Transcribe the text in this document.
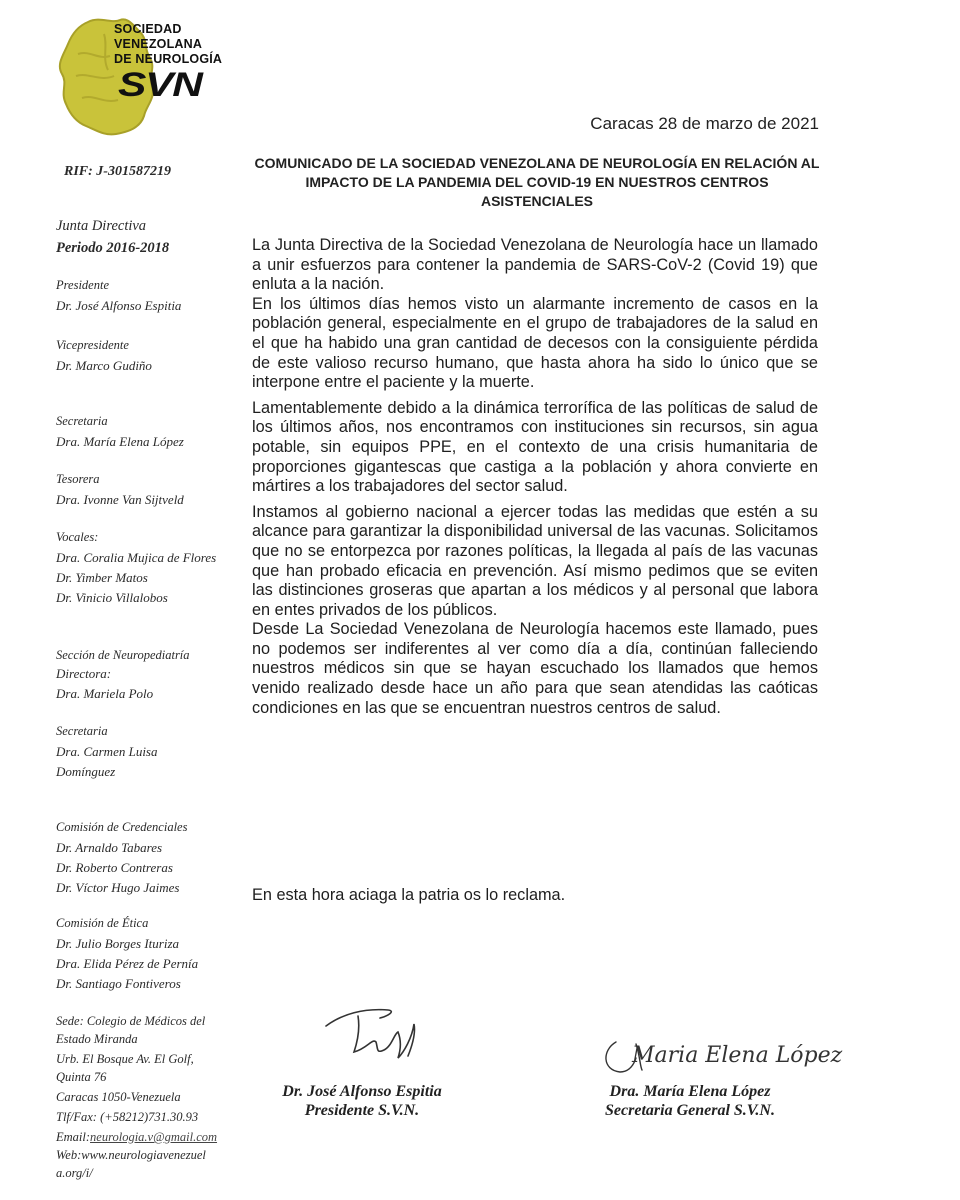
SOCIEDAD
VENEZOLANA
DE NEUROLOGÍA
SVN
RIF: J-301587219
Junta Directiva
Periodo 2016-2018
Presidente
Dr. José Alfonso Espitia
Vicepresidente
Dr. Marco Gudiño
Secretaria
Dra. María Elena López
Tesorera
Dra. Ivonne Van Sijtveld
Vocales:
Dra. Coralia Mujica de Flores
Dr. Yimber Matos
Dr. Vinicio Villalobos
Sección de Neuropediatría
Directora:
Dra. Mariela Polo
Secretaria
Dra. Carmen Luisa
Domínguez
Comisión de Credenciales
Dr. Arnaldo Tabares
Dr. Roberto Contreras
Dr. Víctor Hugo Jaimes
Comisión de Ética
Dr. Julio Borges Ituriza
Dra. Elida Pérez de Pernía
Dr. Santiago Fontiveros
Sede: Colegio de Médicos del
Estado Miranda
Urb. El Bosque Av. El Golf,
Quinta 76
Caracas 1050-Venezuela
Tlf/Fax: (+58212)731.30.93
Email:neurologia.v@gmail.com
Web:www.neurologiavenezuel
a.org/i/
Caracas 28 de marzo de 2021
COMUNICADO DE LA SOCIEDAD VENEZOLANA DE NEUROLOGÍA EN RELACIÓN AL IMPACTO DE LA PANDEMIA DEL COVID-19 EN NUESTROS CENTROS ASISTENCIALES

La Junta Directiva de la Sociedad Venezolana de Neurología hace un llamado a unir esfuerzos para contener la pandemia de SARS-CoV-2 (Covid 19) que enluta a la nación.

En los últimos días hemos visto un alarmante incremento de casos en la población general, especialmente en el grupo de trabajadores de la salud en el que ha habido una gran cantidad de decesos con la consiguiente pérdida de este valioso recurso humano, que hasta ahora ha sido lo único que se interpone entre el paciente y la muerte.

Lamentablemente debido a la dinámica terrorífica de las políticas de salud de los últimos años, nos encontramos con instituciones sin recursos, sin agua potable, sin equipos PPE, en el contexto de una crisis humanitaria de proporciones gigantescas que castiga a la población y ahora convierte en mártires a los trabajadores del sector salud.

Instamos al gobierno nacional a ejercer todas las medidas que estén a su alcance para garantizar la disponibilidad universal de las vacunas. Solicitamos que no se entorpezca por razones políticas, la llegada al país de las vacunas que han probado eficacia en prevención. Así mismo pedimos que se eviten las distinciones groseras que apartan a los médicos y al personal que labora en entes privados de los públicos.

Desde La Sociedad Venezolana de Neurología hacemos este llamado, pues no podemos ser indiferentes al ver como día a día, continúan falleciendo nuestros médicos sin que se hayan escuchado los llamados que hemos venido realizado desde hace un año para que sean atendidas las caóticas condiciones en las que se encuentran nuestros centros de salud.

En esta hora aciaga la patria os lo reclama.
Maria Elena López
Dr. José Alfonso Espitia
Presidente S.V.N.
Dra. María Elena López
Secretaria General S.V.N.
